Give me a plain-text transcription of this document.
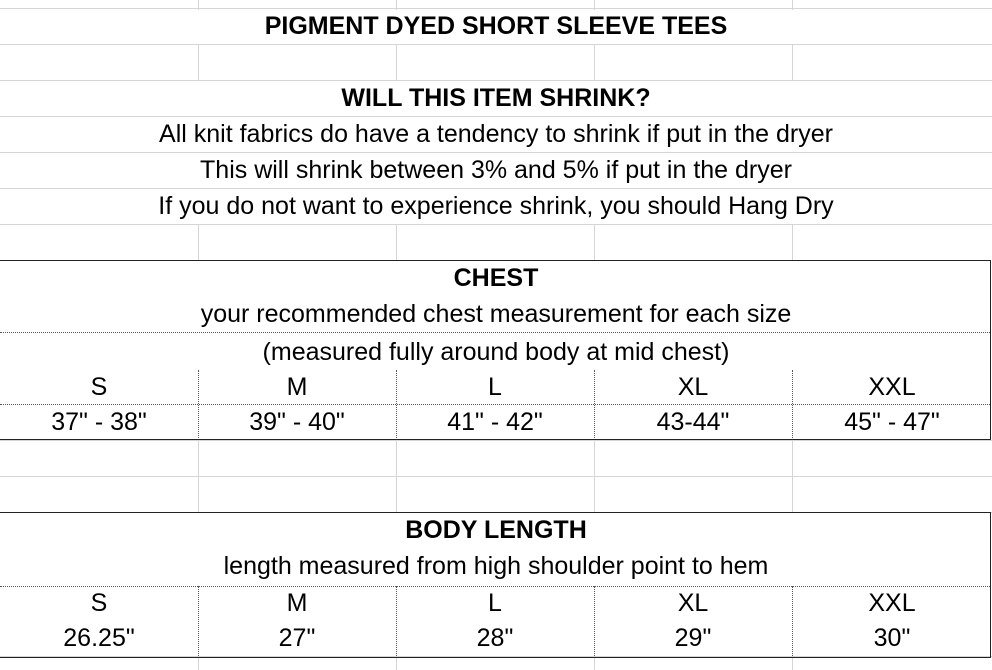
PIGMENT DYED SHORT SLEEVE TEES
WILL THIS ITEM SHRINK?
All knit fabrics do have a tendency to shrink if put in the dryer
This will shrink between 3% and 5% if put in the dryer
If you do not want to experience shrink, you should Hang Dry
CHEST
your recommended chest measurement for each size
(measured fully around body at mid chest)
S	M	L	XL	XXL
37" - 38"	39" - 40"	41" - 42"	43-44"	45" - 47"
BODY LENGTH
length measured from high shoulder point to hem
S	M	L	XL	XXL
26.25"	27"	28"	29"	30"
